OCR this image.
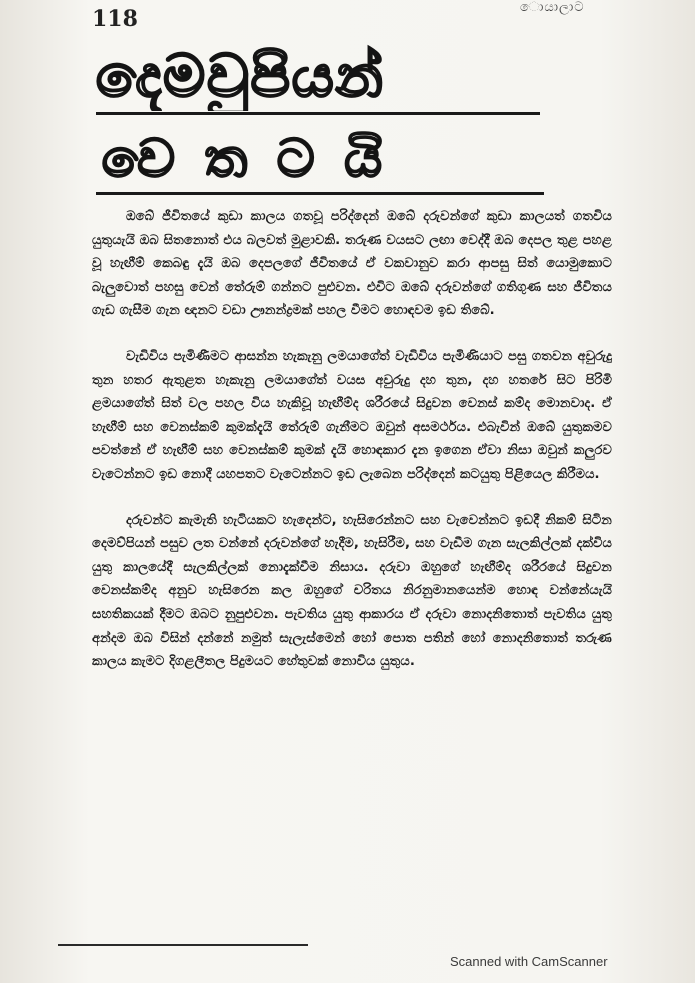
118	ොයාලාට
දෙමවුපියන්
වෙතටයි

ඔබේ ජීවිතයේ කුඩා කාලය ගතවූ පරිද්දෙන් ඔබේ දරුවන්ගේ කුඩා කාලයත් ගතවිය යුතුයැයි ඔබ සිතනොත් එය බලවත් මුළාවකි. තරුණ වයසට ලඟා වෙද්දී ඔබ දෙපල තුළ පහළ වූ හැඟීම් කෙබඳු දැයි ඔබ දෙපලගේ ජීවිතයේ ඒ වකවානුව කරා ආපසු සිත් යොමුකොට බැලුවොත් පහසු වෙන් තේරුම් ගන්නට පුළුවන. එවිට ඔබේ දරුවන්ගේ ගතිගුණ සහ ජීවිතය ගැඩ ගැසීම ගැන ඥනට වඩා ඌනන්ද්‍රමක් පහල වීමට හොඳවම ඉඩ තිබේ.

වැඩිවිය පැමිණීමට ආසන්න හැකැනු ලමයාගේත් වැඩිවිය පැමිණියාට පසු ගතවන අවුරුදු තුන හතර ඇතුළත හැකැනු ලමයාගේත් වයස අවුරුදු දහ තුන, දහ හතරේ සිට පිරිමි ළමයාගේත් සිත් වල පහල විය හැකිවූ හැඟීම්ද ශරීරයේ සිදුවන වෙනස් කම්ද මොනවාද. ඒ හැඟීම් සහ වෙනස්කම් කුමක්දැයි තේරුම් ගැනීමට ඔවුන් අසමර්ථය. එබැවින් ඔබේ යුතුකමව පවත්නේ ඒ හැඟීම් සහ වෙනස්කම් කුමක් දැයි හොඳකාර දැන ඉගෙන ඒවා නිසා ඔවුන් කලුරව වැටෙන්නට ඉඩ නොදී යහපතට වැටෙන්නට ඉඩ ලැබෙන පරිද්දෙන් කටයුතු පිළියෙල කිරීමය.

දරුවන්ට කැමැති හැටියකට හැදෙන්ට, හැසිරෙන්නට සහ වැවෙන්නට ඉඩදී නිකම් සිටින දෙමව්පියන් පසුව ලත වන්නේ දරුවන්ගේ හැදීම, හැසිරීම, සහ වැඩීම ගැන සැලකිල්ලක් දක්විය යුතු කාලයේදී සැලකිල්ලක් නොදැක්වීම නිසාය. දරුවා ඔහුගේ හැඟීම්ද ශරීරයේ සිදුවන වෙනස්කම්ද අනුව හැසිරෙන කල ඔහුගේ චරිතය නිරනුමානයෙන්ම හොඳ වන්නේයැයි සහතිකයක් දීමට ඔබට නුපුළුවන. පැවතිය යුතු ආකාරය ඒ දරුවා නොදනිතොත් පැවතිය යුතු අන්දම ඔබ විසින් දන්නේ නමුත් සැලැස්මෙන් හෝ පොත පතින් හෝ නොදනිතොත් තරුණ කාලය කැමට දිගළලීතල පිදුමයට හේතුවක් නොවිය යුතුය.

Scanned with CamScanner
